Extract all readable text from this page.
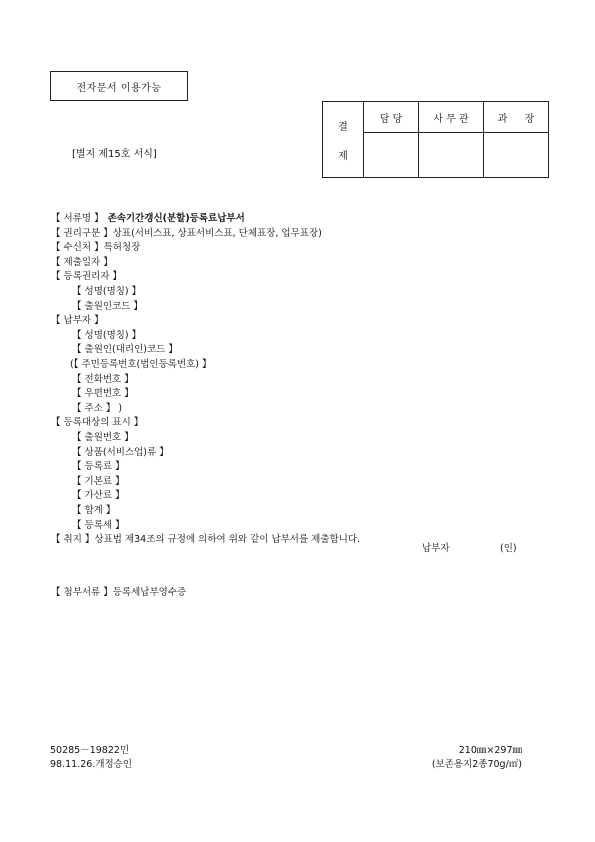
전자문서 이용가능
[별지 제15호 서식]
결
제	담 당	사 무 관	과 장

【 서류명 】 존속기간갱신(분할)등록료납부서
【 권리구분 】상표(서비스표, 상표서비스표, 단체표장, 업무표장)
【 수신처 】특허청장
【 제출일자 】
【 등록권리자 】
【 성명(명칭) 】
【 출원인코드 】
【 납부자 】
【 성명(명칭) 】
【 출원인(대리인)코드 】
(【 주민등록번호(법인등록번호) 】
【 전화번호 】
【 우편번호 】
【 주소 】 )
【 등록대상의 표시 】
【 출원번호 】
【 상품(서비스업)류 】
【 등록료 】
【 기본료 】
【 가산료 】
【 합계 】
【 등록세 】
【 취지 】상표법 제34조의 규정에 의하여 위와 같이 납부서를 제출합니다.
납부자	(인)
【 첨부서류 】등록세납부영수증
50285－19822민
98.11.26.개정승인
210㎜×297㎜
(보존용지2종70g/㎡)
